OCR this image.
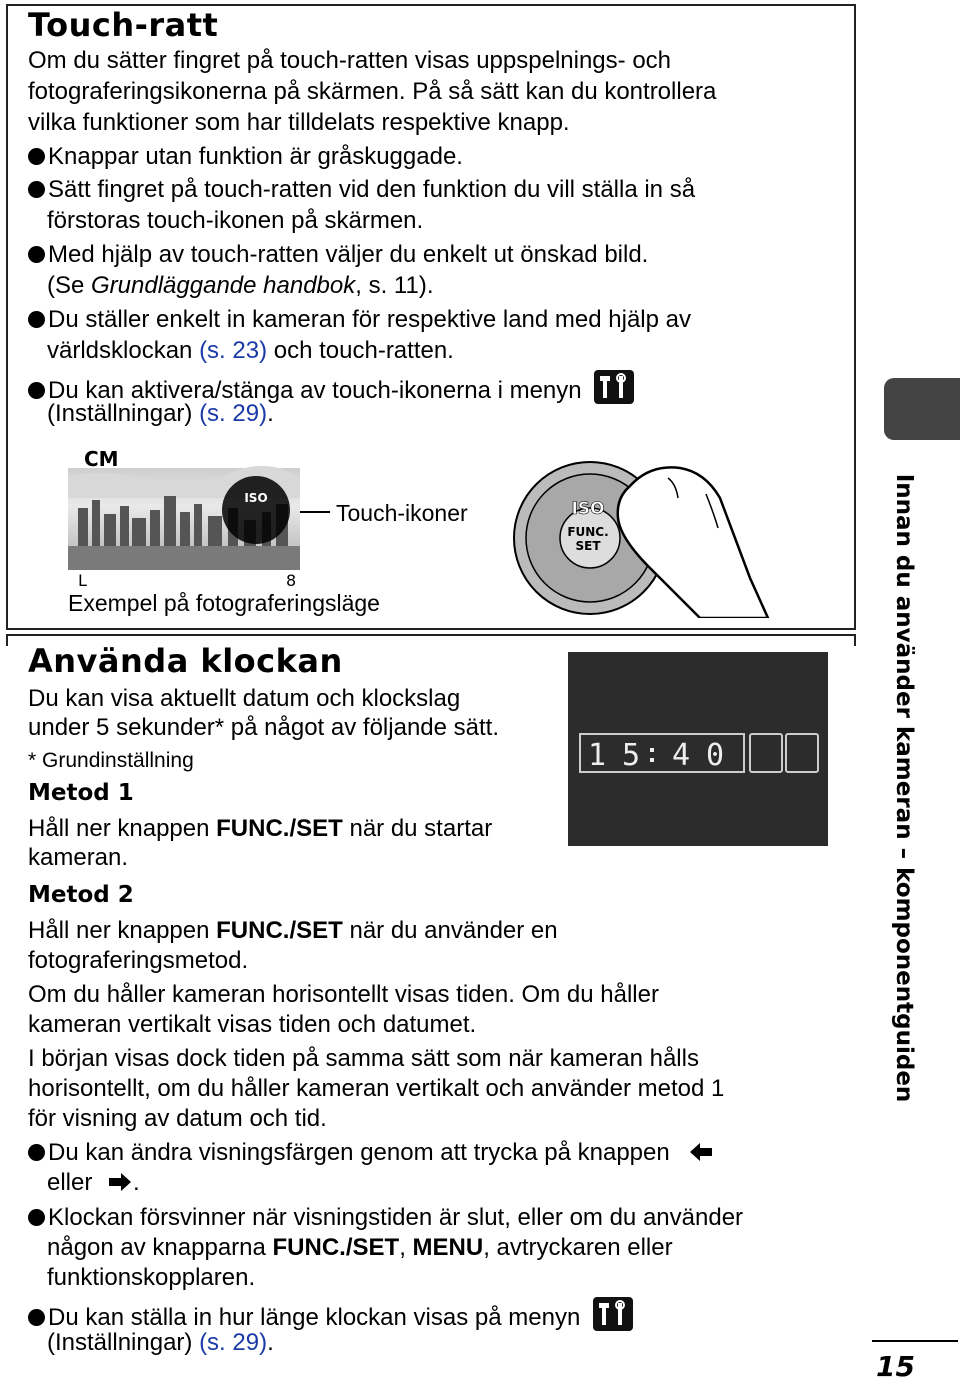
Touch-ratt
Om du sätter fingret på touch-ratten visas uppspelnings- och
fotograferingsikonerna på skärmen. På så sätt kan du kontrollera
vilka funktioner som har tilldelats respektive knapp.
Knappar utan funktion är gråskuggade.
Sätt fingret på touch-ratten vid den funktion du vill ställa in så
förstoras touch-ikonen på skärmen.
Med hjälp av touch-ratten väljer du enkelt ut önskad bild.
(Se Grundläggande handbok, s. 11).
Du ställer enkelt in kameran för respektive land med hjälp av
världsklockan (s. 23) och touch-ratten.
Du kan aktivera/stänga av touch-ikonerna i menyn
(Inställningar) (s. 29).
ISO
CM
L	8
Touch-ikoner
Exempel på fotograferingsläge
ISO
FUNC.
SET
Använda klockan
Du kan visa aktuellt datum och klockslag
under 5 sekunder* på något av följande sätt.
* Grundinställning
Metod 1
Håll ner knappen FUNC./SET när du startar
kameran.
Metod 2
Håll ner knappen FUNC./SET när du använder en
fotograferingsmetod.
Om du håller kameran horisontellt visas tiden. Om du håller
kameran vertikalt visas tiden och datumet.
I början visas dock tiden på samma sätt som när kameran hålls
horisontellt, om du håller kameran vertikalt och använder metod 1
för visning av datum och tid.
Du kan ändra visningsfärgen genom att trycka på knappen
eller .
Klockan försvinner när visningstiden är slut, eller om du använder
någon av knapparna FUNC./SET, MENU, avtryckaren eller
funktionskopplaren.
Du kan ställa in hur länge klockan visas på menyn
(Inställningar) (s. 29).
1 5 4 0	Innan du använder kameran – komponentguiden
15
